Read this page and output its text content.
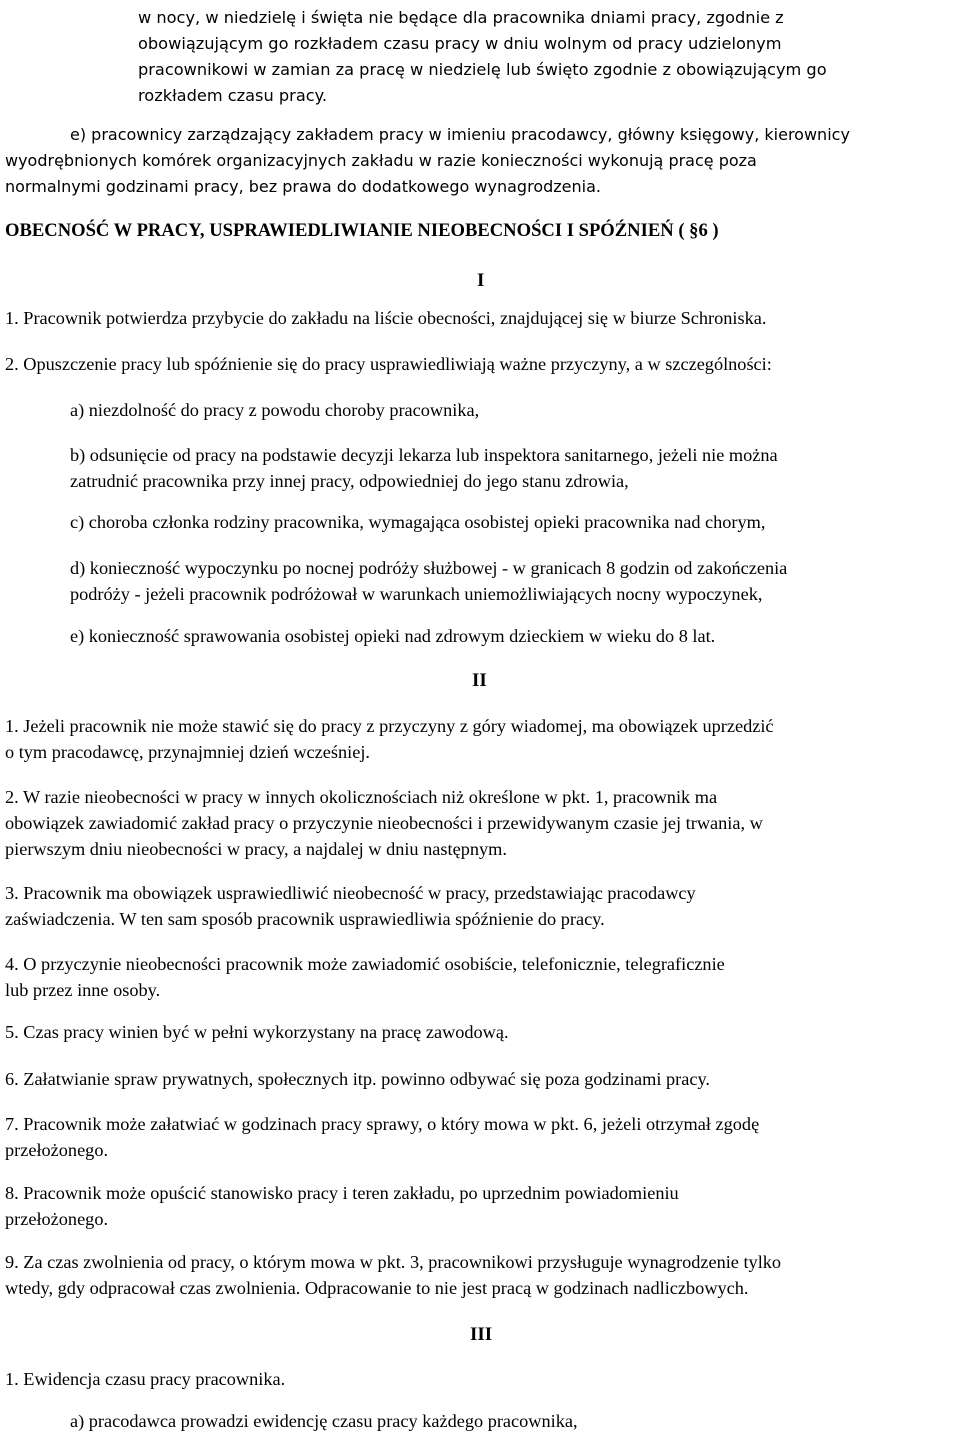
w nocy, w niedzielę i święta nie będące dla pracownika dniami pracy, zgodnie z
obowiązującym go rozkładem czasu pracy w dniu wolnym od pracy udzielonym
pracownikowi w zamian za pracę w niedzielę lub święto zgodnie z obowiązującym go
rozkładem czasu pracy.
e) pracownicy zarządzający zakładem pracy w imieniu pracodawcy, główny księgowy, kierownicy
wyodrębnionych komórek organizacyjnych zakładu w razie konieczności wykonują pracę poza
normalnymi godzinami pracy, bez prawa do dodatkowego wynagrodzenia.
OBECNOŚĆ W PRACY, USPRAWIEDLIWIANIE NIEOBECNOŚCI I SPÓŹNIEŃ ( §6 )
I
1. Pracownik potwierdza przybycie do zakładu na liście obecności, znajdującej się w biurze Schroniska.
2. Opuszczenie pracy lub spóźnienie się do pracy usprawiedliwiają ważne przyczyny, a w szczególności:
a) niezdolność do pracy z powodu choroby pracownika,
b) odsunięcie od pracy na podstawie decyzji lekarza lub inspektora sanitarnego, jeżeli nie można
zatrudnić pracownika przy innej pracy, odpowiedniej do jego stanu zdrowia,
c) choroba członka rodziny pracownika, wymagająca osobistej opieki pracownika nad chorym,
d) konieczność wypoczynku po nocnej podróży służbowej - w granicach 8 godzin od zakończenia
podróży - jeżeli pracownik podróżował w warunkach uniemożliwiających nocny wypoczynek,
e) konieczność sprawowania osobistej opieki nad zdrowym dzieckiem w wieku do 8 lat.
II
1. Jeżeli pracownik nie może stawić się do pracy z przyczyny z góry wiadomej, ma obowiązek uprzedzić
o tym pracodawcę, przynajmniej dzień wcześniej.
2. W razie nieobecności w pracy w innych okolicznościach niż określone w pkt. 1, pracownik ma
obowiązek zawiadomić zakład pracy o przyczynie nieobecności i przewidywanym czasie jej trwania, w
pierwszym dniu nieobecności w pracy, a najdalej w dniu następnym.
3. Pracownik ma obowiązek usprawiedliwić nieobecność w pracy, przedstawiając pracodawcy
zaświadczenia. W ten sam sposób pracownik usprawiedliwia spóźnienie do pracy.
4. O przyczynie nieobecności pracownik może zawiadomić osobiście, telefonicznie, telegraficznie
lub przez inne osoby.
5. Czas pracy winien być w pełni wykorzystany na pracę zawodową.
6. Załatwianie spraw prywatnych, społecznych itp. powinno odbywać się poza godzinami pracy.
7. Pracownik może załatwiać w godzinach pracy sprawy, o który mowa w pkt. 6, jeżeli otrzymał zgodę
przełożonego.
8. Pracownik może opuścić stanowisko pracy i teren zakładu, po uprzednim powiadomieniu
przełożonego.
9. Za czas zwolnienia od pracy, o którym mowa w pkt. 3, pracownikowi przysługuje wynagrodzenie tylko
wtedy, gdy odpracował czas zwolnienia. Odpracowanie to nie jest pracą w godzinach nadliczbowych.
III
1. Ewidencja czasu pracy pracownika.
a) pracodawca prowadzi ewidencję czasu pracy każdego pracownika,
